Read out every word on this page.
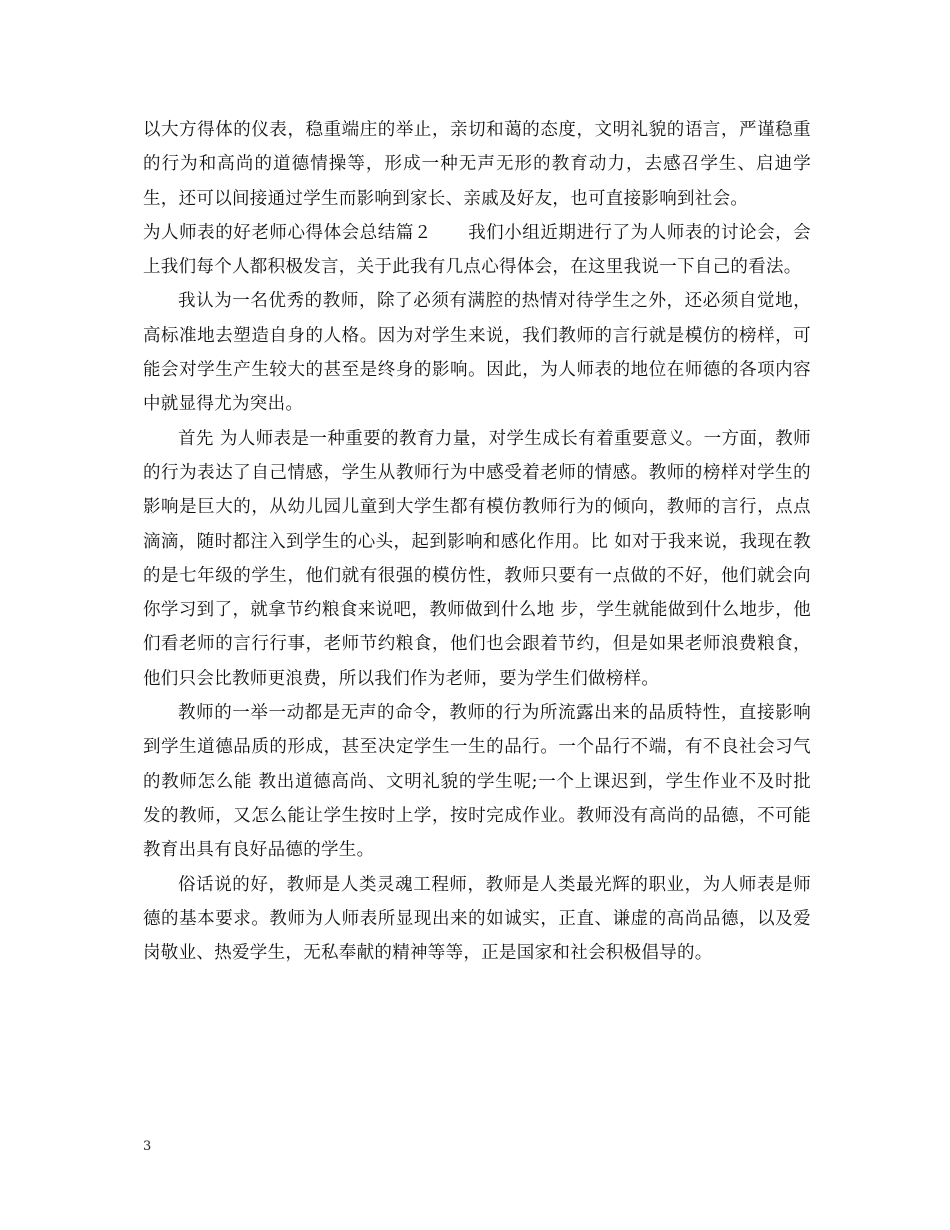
以大方得体的仪表，稳重端庄的举止，亲切和蔼的态度，文明礼貌的语言，严谨稳重的行为和高尚的道德情操等，形成一种无声无形的教育动力，去感召学生、启迪学生，还可以间接通过学生而影响到家长、亲戚及好友，也可直接影响到社会。

为人师表的好老师心得体会总结篇２　　我们小组近期进行了为人师表的讨论会，会上我们每个人都积极发言，关于此我有几点心得体会，在这里我说一下自己的看法。

我认为一名优秀的教师，除了必须有满腔的热情对待学生之外，还必须自觉地，高标准地去塑造自身的人格。因为对学生来说，我们教师的言行就是模仿的榜样，可能会对学生产生较大的甚至是终身的影响。因此，为人师表的地位在师德的各项内容中就显得尤为突出。

首先 为人师表是一种重要的教育力量，对学生成长有着重要意义。一方面，教师的行为表达了自己情感，学生从教师行为中感受着老师的情感。教师的榜样对学生的影响是巨大的，从幼儿园儿童到大学生都有模仿教师行为的倾向，教师的言行，点点滴滴，随时都注入到学生的心头，起到影响和感化作用。比 如对于我来说，我现在教的是七年级的学生，他们就有很强的模仿性，教师只要有一点做的不好，他们就会向你学习到了，就拿节约粮食来说吧，教师做到什么地 步，学生就能做到什么地步，他们看老师的言行行事，老师节约粮食，他们也会跟着节约，但是如果老师浪费粮食，他们只会比教师更浪费，所以我们作为老师，要为学生们做榜样。

教师的一举一动都是无声的命令，教师的行为所流露出来的品质特性，直接影响到学生道德品质的形成，甚至决定学生一生的品行。一个品行不端，有不良社会习气的教师怎么能 教出道德高尚、文明礼貌的学生呢;一个上课迟到，学生作业不及时批发的教师，又怎么能让学生按时上学，按时完成作业。教师没有高尚的品德，不可能教育出具有良好品德的学生。

俗话说的好，教师是人类灵魂工程师，教师是人类最光辉的职业，为人师表是师德的基本要求。教师为人师表所显现出来的如诚实，正直、谦虚的高尚品德，以及爱岗敬业、热爱学生，无私奉献的精神等等，正是国家和社会积极倡导的。

3
